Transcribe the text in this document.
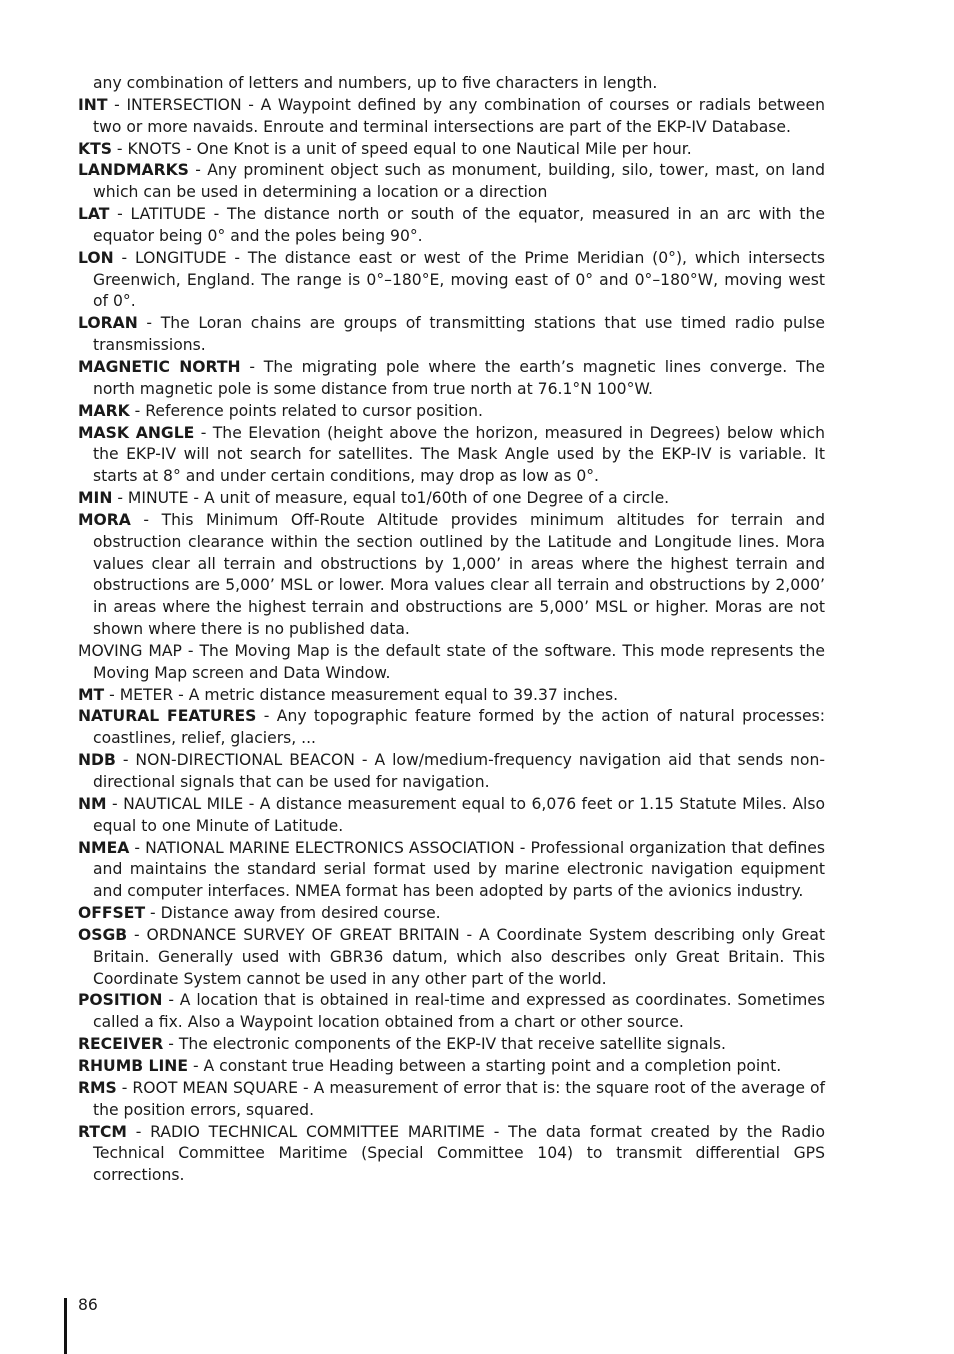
any combination of letters and numbers, up to five characters in length.

INT - INTERSECTION - A Waypoint defined by any combination of courses or radials between two or more navaids. Enroute and terminal intersections are part of the EKP-IV Database.

KTS - KNOTS - One Knot is a unit of speed equal to one Nautical Mile per hour.

LANDMARKS - Any prominent object such as monument, building, silo, tower, mast, on land which can be used in determining a location or a direction

LAT - LATITUDE - The distance north or south of the equator, measured in an arc with the equator being 0° and the poles being 90°.

LON - LONGITUDE - The distance east or west of the Prime Meridian (0°), which intersects Greenwich, England. The range is 0°–180°E, moving east of 0° and 0°–180°W, moving west of 0°.

LORAN - The Loran chains are groups of transmitting stations that use timed radio pulse transmissions.

MAGNETIC NORTH - The migrating pole where the earth’s magnetic lines converge. The north magnetic pole is some distance from true north at 76.1°N 100°W.

MARK - Reference points related to cursor position.

MASK ANGLE - The Elevation (height above the horizon, measured in Degrees) below which the EKP-IV will not search for satellites. The Mask Angle used by the EKP-IV is variable. It starts at 8° and under certain conditions, may drop as low as 0°.

MIN - MINUTE - A unit of measure, equal to1/60th of one Degree of a circle.

MORA - This Minimum Off-Route Altitude provides minimum altitudes for terrain and obstruction clearance within the section outlined by the Latitude and Longitude lines. Mora values clear all terrain and obstructions by 1,000’ in areas where the highest terrain and obstructions are 5,000’ MSL or lower. Mora values clear all terrain and obstructions by 2,000’ in areas where the highest terrain and obstructions are 5,000’ MSL or higher. Moras are not shown where there is no published data.

MOVING MAP - The Moving Map is the default state of the software. This mode represents the Moving Map screen and Data Window.

MT - METER - A metric distance measurement equal to 39.37 inches.

NATURAL FEATURES - Any topographic feature formed by the action of natural processes: coastlines, relief, glaciers, ...

NDB - NON-DIRECTIONAL BEACON - A low/medium-frequency navigation aid that sends non-directional signals that can be used for navigation.

NM - NAUTICAL MILE - A distance measurement equal to 6,076 feet or 1.15 Statute Miles. Also equal to one Minute of Latitude.

NMEA - NATIONAL MARINE ELECTRONICS ASSOCIATION - Professional organization that defines and maintains the standard serial format used by marine electronic navigation equipment and computer interfaces. NMEA format has been adopted by parts of the avionics industry.

OFFSET - Distance away from desired course.

OSGB - ORDNANCE SURVEY OF GREAT BRITAIN - A Coordinate System describing only Great Britain. Generally used with GBR36 datum, which also describes only Great Britain. This Coordinate System cannot be used in any other part of the world.

POSITION - A location that is obtained in real-time and expressed as coordinates. Sometimes called a fix. Also a Waypoint location obtained from a chart or other source.

RECEIVER - The electronic components of the EKP-IV that receive satellite signals.

RHUMB LINE - A constant true Heading between a starting point and a completion point.

RMS - ROOT MEAN SQUARE - A measurement of error that is: the square root of the average of the position errors, squared.

RTCM - RADIO TECHNICAL COMMITTEE MARITIME - The data format created by the Radio Technical Committee Maritime (Special Committee 104) to transmit differential GPS corrections.

86
